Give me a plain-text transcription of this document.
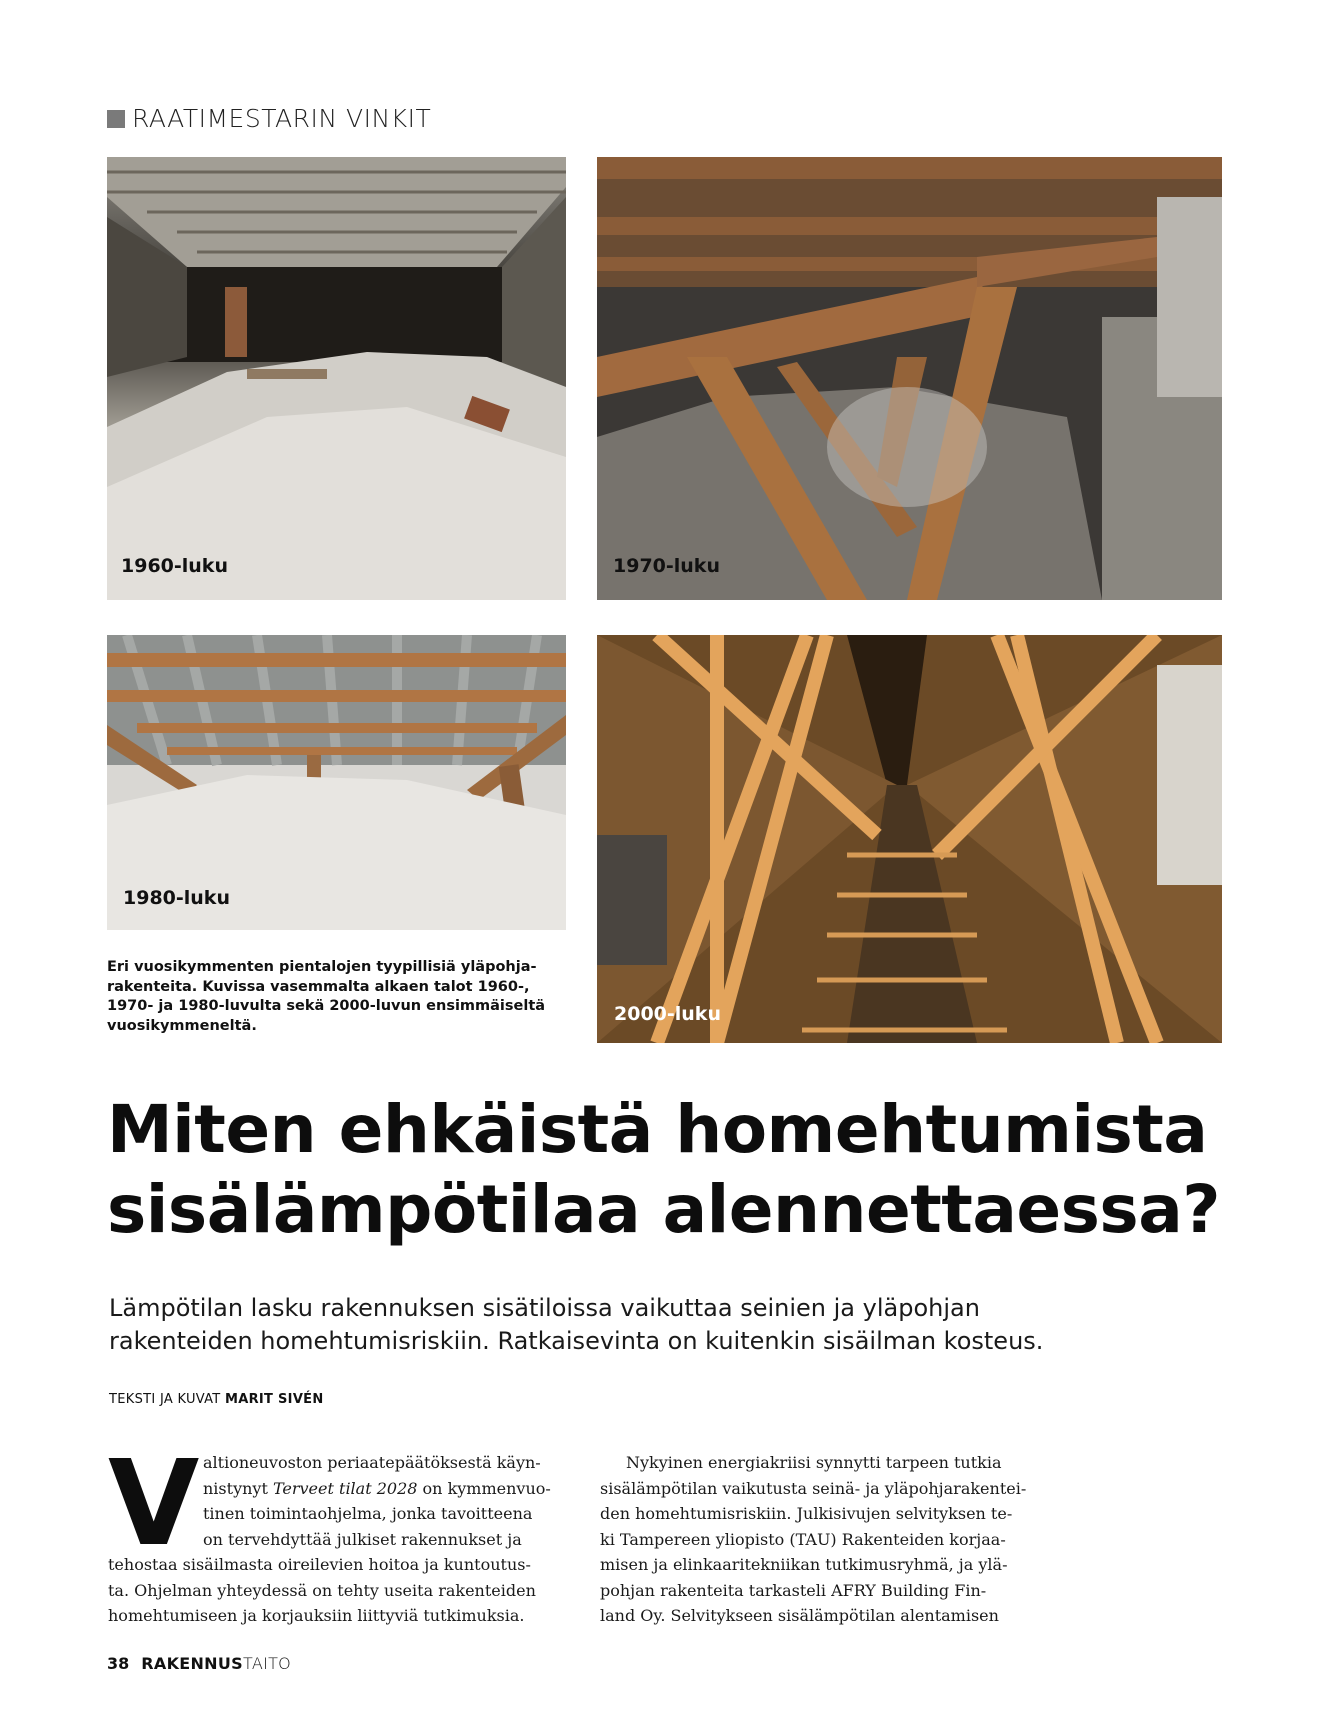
RAATIMESTARIN VINKIT
1960-luku	1970-luku
1980-luku
2000-luku
Eri vuosikymmenten pientalojen tyypillisiä yläpohja-
rakenteita. Kuvissa vasemmalta alkaen talot 1960-,
1970- ja 1980-luvulta sekä 2000-luvun ensimmäiseltä
vuosikymmeneltä.
Miten ehkäistä homehtumista
sisälämpötilaa alennettaessa?
Lämpötilan lasku rakennuksen sisätiloissa vaikuttaa seinien ja yläpohjan
rakenteiden homehtumisriskiin. Ratkaisevinta on kuitenkin sisäilman kosteus.
TEKSTI JA KUVAT MARIT SIVÉN
V altioneuvoston periaatepäätöksestä käyn-
nistynyt Terveet tilat 2028 on kymmenvuo-
tinen toimintaohjelma, jonka tavoitteena
on tervehdyttää julkiset rakennukset ja
tehostaa sisäilmasta oireilevien hoitoa ja kuntoutus-
ta. Ohjelman yhteydessä on tehty useita rakenteiden
homehtumiseen ja korjauksiin liittyviä tutkimuksia.
Nykyinen energiakriisi synnytti tarpeen tutkia
sisälämpötilan vaikutusta seinä- ja yläpohjarakentei-
den homehtumisriskiin. Julkisivujen selvityksen te-
ki Tampereen yliopisto (TAU) Rakenteiden korjaa-
misen ja elinkaaritekniikan tutkimusryhmä, ja ylä-
pohjan rakenteita tarkasteli AFRY Building Fin-
land Oy. Selvitykseen sisälämpötilan alentamisen
38 RAKENNUS TAITO
